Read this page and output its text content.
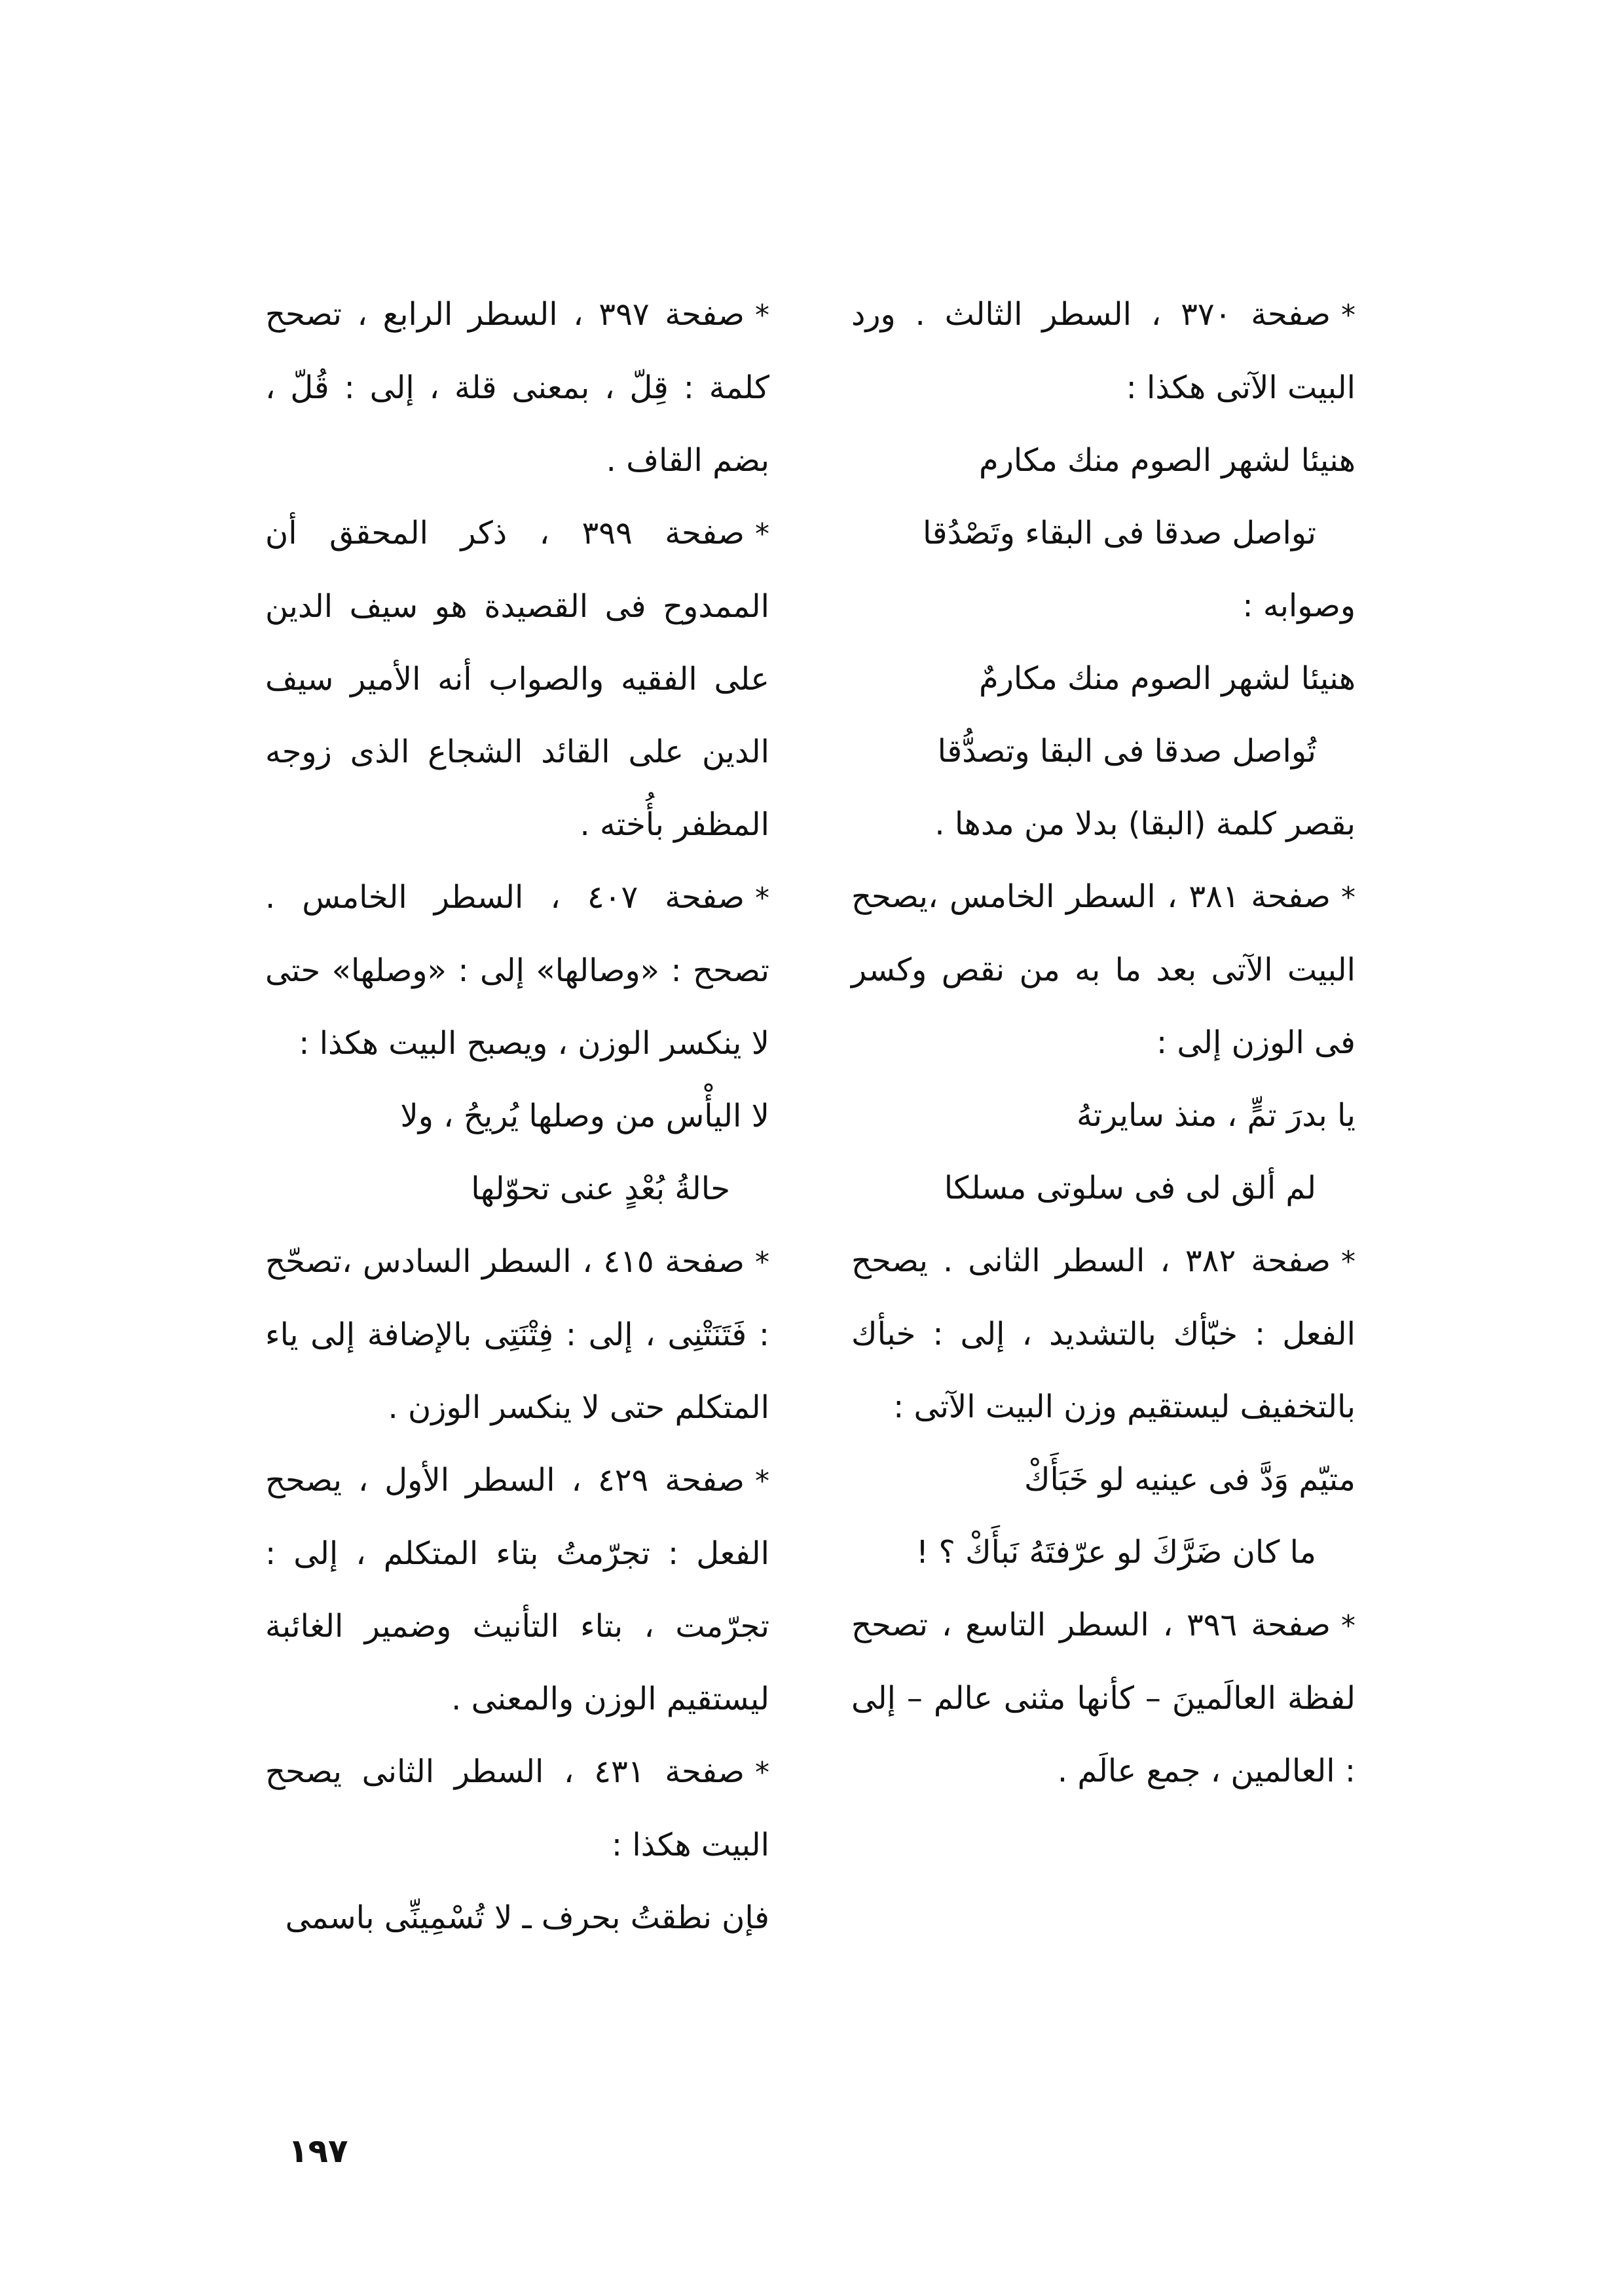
*صفحة ٣٧٠ ، السطر الثالث . ورد البيت الآتى هكذا :

هنيئا لشهر الصوم منك مكارم

تواصل صدقا فى البقاء وتَصْدُقا

وصوابه :

هنيئا لشهر الصوم منك مكارمٌ

تُواصل صدقا فى البقا وتصدُّقا

بقصر كلمة (البقا) بدلا من مدها .

*صفحة ٣٨١ ، السطر الخامس ،يصحح البيت الآتى بعد ما به من نقص وكسر فى الوزن إلى :

يا بدرَ تمٍّ ، منذ سايرتهُ

لم ألق لى فى سلوتى مسلكا

*صفحة ٣٨٢ ، السطر الثانى . يصحح الفعل : خبّأك بالتشديد ، إلى : خبأك بالتخفيف ليستقيم وزن البيت الآتى :

متيّم وَدَّ فى عينيه لو خَبَأَكْ

ما كان ضَرَّكَ لو عرّفتَهُ نَبأَكْ ؟ !

*صفحة ٣٩٦ ، السطر التاسع ، تصحح لفظة العالَمينَ – كأنها مثنى عالم – إلى : العالمين ، جمع عالَم .

*صفحة ٣٩٧ ، السطر الرابع ، تصحح كلمة : قِلّ ، بمعنى قلة ، إلى : قُلّ ، بضم القاف .

*صفحة ٣٩٩ ، ذكر المحقق أن الممدوح فى القصيدة هو سيف الدين على الفقيه والصواب أنه الأمير سيف الدين على القائد الشجاع الذى زوجه المظفر بأُخته .

*صفحة ٤٠٧ ، السطر الخامس . تصحح : «وصالها» إلى : «وصلها» حتى لا ينكسر الوزن ، ويصبح البيت هكذا :

لا اليأْس من وصلها يُريحُ ، ولا

حالةُ بُعْدٍ عنى تحوّلها

*صفحة ٤١٥ ، السطر السادس ،تصحّح : فَتَنَتْنِى ، إلى : فِتْنَتِى بالإضافة إلى ياء المتكلم حتى لا ينكسر الوزن .

*صفحة ٤٢٩ ، السطر الأول ، يصحح الفعل : تجرّمتُ بتاء المتكلم ، إلى : تجرّمت ، بتاء التأنيث وضمير الغائبة ليستقيم الوزن والمعنى .

*صفحة ٤٣١ ، السطر الثانى يصحح البيت هكذا :

فإن نطقتُ بحرف ـ لا تُسْمِينِّى باسمى

١٩٧
